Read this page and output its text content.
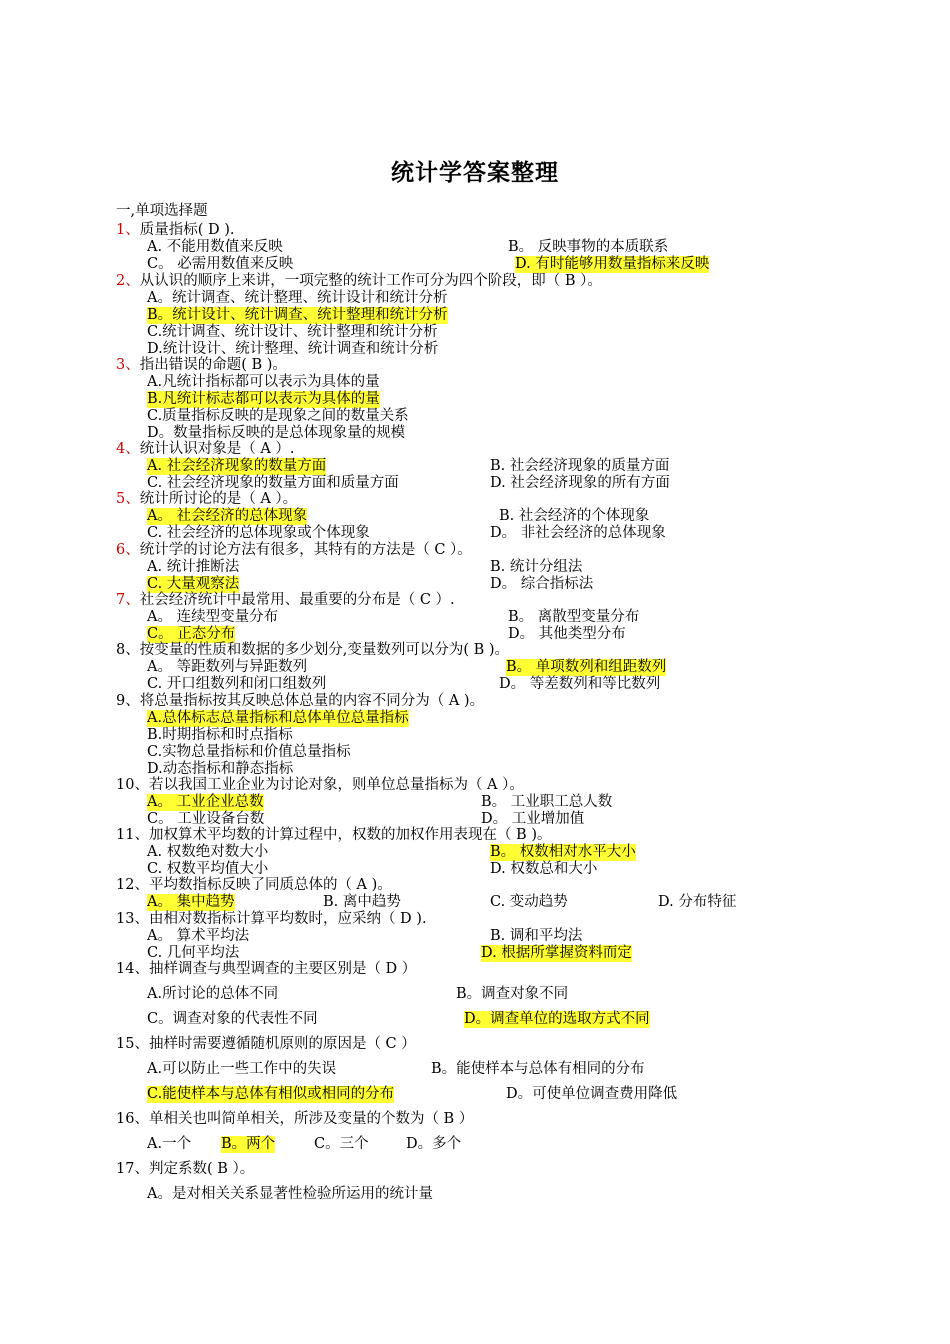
统计学答案整理
一,单项选择题
1、质量指标( D ).
A. 不能用数值来反映	B。 反映事物的本质联系
C。 必需用数值来反映	D. 有时能够用数量指标来反映
2、从认识的顺序上来讲，一项完整的统计工作可分为四个阶段，即（ B ）。
A。统计调查、统计整理、统计设计和统计分析
B。统计设计、统计调查、统计整理和统计分析
C.统计调查、统计设计、统计整理和统计分析
D.统计设计、统计整理、统计调查和统计分析
3、指出错误的命题( B )。
A.凡统计指标都可以表示为具体的量
B.凡统计标志都可以表示为具体的量
C.质量指标反映的是现象之间的数量关系
D。数量指标反映的是总体现象量的规模
4、统计认识对象是（ A ）.
A. 社会经济现象的数量方面	B. 社会经济现象的质量方面
C. 社会经济现象的数量方面和质量方面	D. 社会经济现象的所有方面
5、统计所讨论的是（ A ）。
A。 社会经济的总体现象	B. 社会经济的个体现象
C. 社会经济的总体现象或个体现象	D。 非社会经济的总体现象
6、统计学的讨论方法有很多，其特有的方法是（ C ）。
A. 统计推断法	B. 统计分组法
C. 大量观察法	D。 综合指标法
7、社会经济统计中最常用、最重要的分布是（ C ）.
A。 连续型变量分布	B。 离散型变量分布
C。 正态分布	D。 其他类型分布
8、按变量的性质和数据的多少划分,变量数列可以分为( B )。
A。 等距数列与异距数列	B。 单项数列和组距数列
C. 开口组数列和闭口组数列	D。 等差数列和等比数列
9、将总量指标按其反映总体总量的内容不同分为（ A )。
A.总体标志总量指标和总体单位总量指标
B.时期指标和时点指标
C.实物总量指标和价值总量指标
D.动态指标和静态指标
10、若以我国工业企业为讨论对象，则单位总量指标为（ A ）。
A。 工业企业总数	B。 工业职工总人数
C。 工业设备台数	D。 工业增加值
11、加权算术平均数的计算过程中，权数的加权作用表现在（ B )。
A. 权数绝对数大小	B。 权数相对水平大小
C. 权数平均值大小	D. 权数总和大小
12、平均数指标反映了同质总体的（ A )。
A。 集中趋势	B. 离中趋势	C. 变动趋势	D. 分布特征
13、由相对数指标计算平均数时，应采纳（ D ).
A。 算术平均法	B. 调和平均法
C. 几何平均法	D. 根据所掌握资料而定
14、抽样调查与典型调查的主要区别是（ D ）
A.所讨论的总体不同	B。调查对象不同
C。调查对象的代表性不同	D。调查单位的选取方式不同
15、抽样时需要遵循随机原则的原因是（ C ）
A.可以防止一些工作中的失误	B。能使样本与总体有相同的分布
C.能使样本与总体有相似或相同的分布	D。可使单位调查费用降低
16、单相关也叫简单相关，所涉及变量的个数为（ B ）
A.一个 B。两个	C。三个	D。多个
17、判定系数( B ）。
A。是对相关关系显著性检验所运用的统计量
